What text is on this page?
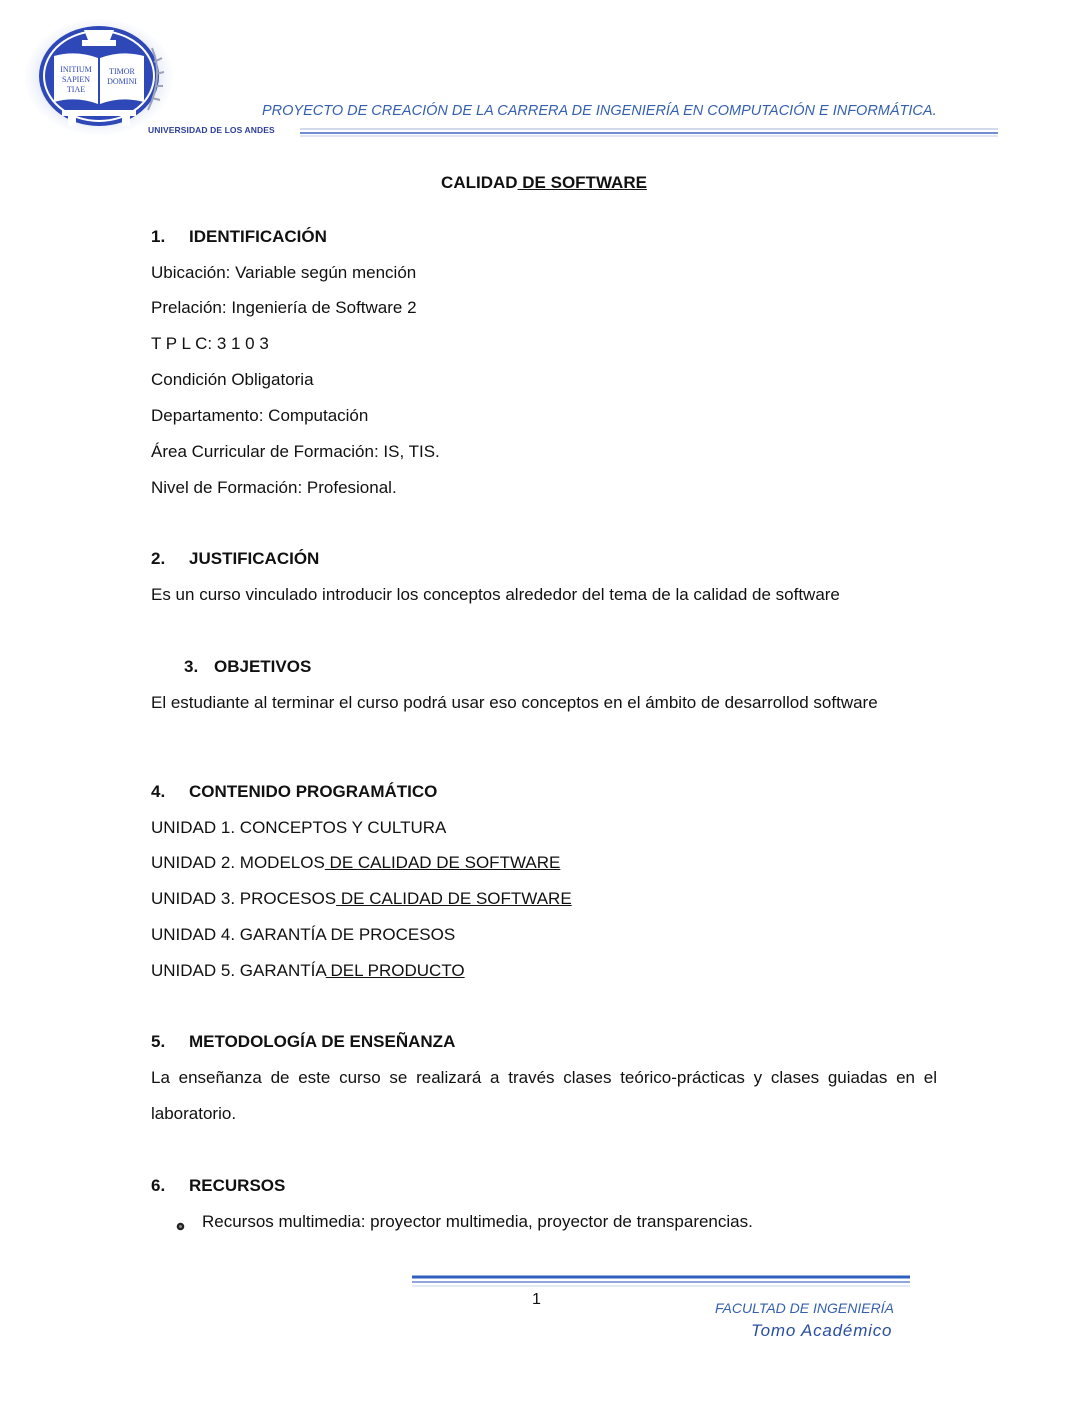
INITIUM
SAPIEN
TIAE
TIMOR
DOMINI
PROYECTO DE CREACIÓN DE LA CARRERA DE INGENIERÍA EN COMPUTACIÓN E INFORMÁTICA.
UNIVERSIDAD DE LOS ANDES
CALIDAD DE SOFTWARE
1. IDENTIFICACIÓN
Ubicación: Variable según mención
Prelación: Ingeniería de Software 2
T P L C: 3 1 0 3
Condición Obligatoria
Departamento: Computación
Área Curricular de Formación: IS, TIS.
Nivel de Formación: Profesional.
2. JUSTIFICACIÓN
Es un curso vinculado introducir los conceptos alrededor del tema de la calidad de software
3. OBJETIVOS
El estudiante al terminar el curso podrá usar eso conceptos en el ámbito de desarrollod software
4. CONTENIDO PROGRAMÁTICO
UNIDAD 1. CONCEPTOS Y CULTURA
UNIDAD 2. MODELOS DE CALIDAD DE SOFTWARE
UNIDAD 3. PROCESOS DE CALIDAD DE SOFTWARE
UNIDAD 4. GARANTÍA DE PROCESOS
UNIDAD 5. GARANTÍA DEL PRODUCTO
5. METODOLOGÍA DE ENSEÑANZA
La enseñanza de este curso se realizará a través clases teórico-prácticas y clases guiadas en el laboratorio.
6. RECURSOS
Recursos multimedia: proyector multimedia, proyector de transparencias.
1	FACULTAD DE INGENIERÍA
Tomo Académico
